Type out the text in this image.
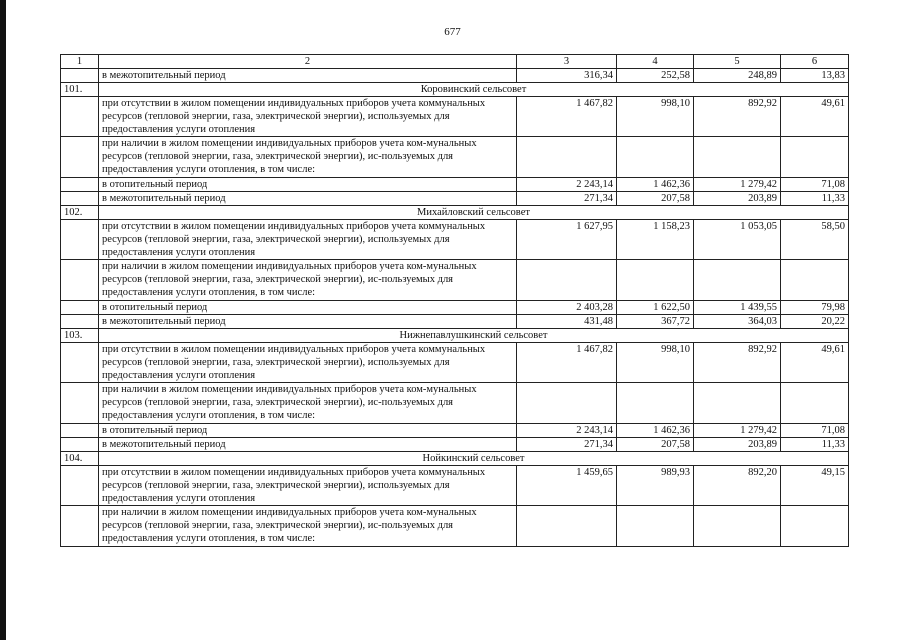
677
1	2	3	4	5	6
	в межотопительный период	316,34	252,58	248,89	13,83
101.	Коровинский сельсовет				
	при отсутствии в жилом помещении индивидуальных приборов учета коммунальных ресурсов (тепловой энергии, газа, электрической энергии), используемых для предоставления услуги отопления	1 467,82	998,10	892,92	49,61
	при наличии в жилом помещении индивидуальных приборов учета ком-мунальных ресурсов (тепловой энергии, газа, электрической энергии), ис-пользуемых для предоставления услуги отопления, в том числе:				
	в отопительный период	2 243,14	1 462,36	1 279,42	71,08
	в межотопительный период	271,34	207,58	203,89	11,33
102.	Михайловский сельсовет				
	при отсутствии в жилом помещении индивидуальных приборов учета коммунальных ресурсов (тепловой энергии, газа, электрической энергии), используемых для предоставления услуги отопления	1 627,95	1 158,23	1 053,05	58,50
	при наличии в жилом помещении индивидуальных приборов учета ком-мунальных ресурсов (тепловой энергии, газа, электрической энергии), ис-пользуемых для предоставления услуги отопления, в том числе:				
	в отопительный период	2 403,28	1 622,50	1 439,55	79,98
	в межотопительный период	431,48	367,72	364,03	20,22
103.	Нижнепавлушкинский сельсовет				
	при отсутствии в жилом помещении индивидуальных приборов учета коммунальных ресурсов (тепловой энергии, газа, электрической энергии), используемых для предоставления услуги отопления	1 467,82	998,10	892,92	49,61
	при наличии в жилом помещении индивидуальных приборов учета ком-мунальных ресурсов (тепловой энергии, газа, электрической энергии), ис-пользуемых для предоставления услуги отопления, в том числе:				
	в отопительный период	2 243,14	1 462,36	1 279,42	71,08
	в межотопительный период	271,34	207,58	203,89	11,33
104.	Нойкинский сельсовет				
	при отсутствии в жилом помещении индивидуальных приборов учета коммунальных ресурсов (тепловой энергии, газа, электрической энергии), используемых для предоставления услуги отопления	1 459,65	989,93	892,20	49,15
	при наличии в жилом помещении индивидуальных приборов учета ком-мунальных ресурсов (тепловой энергии, газа, электрической энергии), ис-пользуемых для предоставления услуги отопления, в том числе:				
